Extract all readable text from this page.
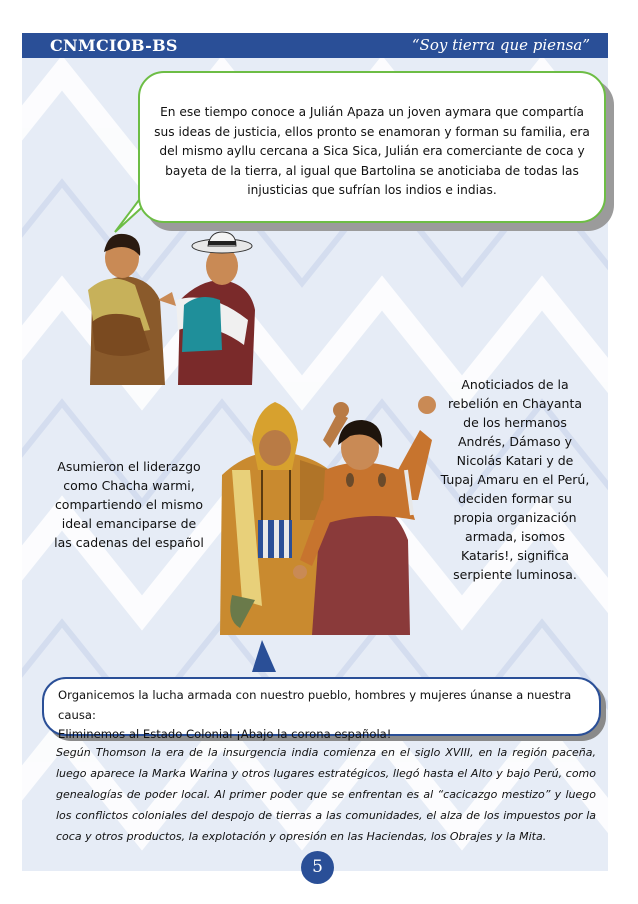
CNMCIOB-BS	“Soy tierra que piensa”
En ese tiempo conoce a Julián Apaza un joven aymara que compartía sus ideas de justicia, ellos pronto se enamoran y forman su familia, era del mismo ayllu cercana a Sica Sica, Julián era comerciante de coca y bayeta de la tierra, al igual que Bartolina se anoticiaba de todas las injusticias que sufrían los indios e indias.
Asumieron el liderazgo como Chacha warmi, compartiendo el mismo ideal emanciparse de las cadenas del español
Anoticiados de la rebelión en Chayanta de los hermanos Andrés, Dámaso y Nicolás Katari y de Tupaj Amaru en el Perú, deciden formar su propia organización armada, isomos Kataris!, significa serpiente luminosa.
Organicemos la lucha armada con nuestro pueblo, hombres y mujeres únanse a nuestra causa:
Eliminemos al Estado Colonial ¡Abajo la corona española!
Según Thomson la era de la insurgencia india comienza en el siglo XVIII, en la región paceña, luego aparece la Marka Warina y otros lugares estratégicos, llegó hasta el Alto y bajo Perú, como genealogías de poder local. Al primer poder que se enfrentan es al “cacicazgo mestizo” y luego los conflictos coloniales del despojo de tierras a las comunidades, el alza de los impuestos por la coca y otros productos, la explotación y opresión en las Haciendas, los Obrajes y la Mita.
5
